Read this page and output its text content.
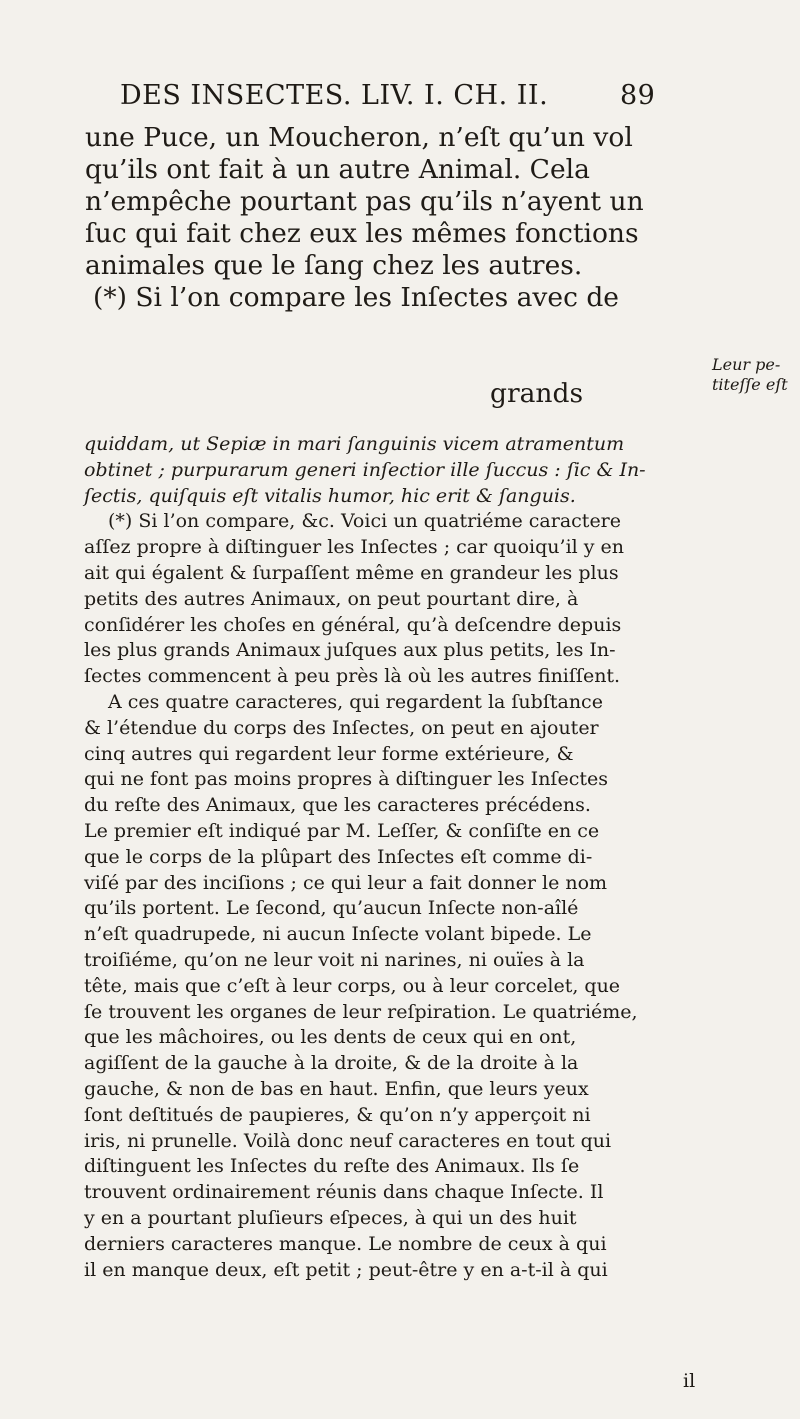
DES INSECTES. LIV. I. CH. II.	89
une Puce, un Moucheron, n’eſt qu’un vol
qu’ils ont fait à un autre Animal. Cela
n’empêche pourtant pas qu’ils n’ayent un
ſuc qui fait chez eux les mêmes fonctions
animales que le ſang chez les autres.
(*) Si l’on compare les Inſectes avec de
grands
Leur pe-
titeſſe eſt
quiddam, ut Sepiæ in mari ſanguinis vicem atramentum
obtinet ; purpurarum generi inſectior ille ſuccus : ſic & In-
ſectis, quiſquis eſt vitalis humor, hic erit & ſanguis.
(*) Si l’on compare, &c. Voici un quatriéme caractere
aſſez propre à diſtinguer les Inſectes ; car quoiqu’il y en
ait qui égalent & ſurpaſſent même en grandeur les plus
petits des autres Animaux, on peut pourtant dire, à
conſidérer les choſes en général, qu’à deſcendre depuis
les plus grands Animaux juſques aux plus petits, les In-
ſectes commencent à peu près là où les autres finiſſent.
A ces quatre caracteres, qui regardent la ſubſtance
& l’étendue du corps des Inſectes, on peut en ajouter
cinq autres qui regardent leur forme extérieure, &
qui ne font pas moins propres à diſtinguer les Inſectes
du reſte des Animaux, que les caracteres précédens.
Le premier eſt indiqué par M. Leſſer, & conſiſte en ce
que le corps de la plûpart des Inſectes eſt comme di-
viſé par des inciſions ; ce qui leur a fait donner le nom
qu’ils portent. Le ſecond, qu’aucun Inſecte non-aîlé
n’eſt quadrupede, ni aucun Inſecte volant bipede. Le
troiſiéme, qu’on ne leur voit ni narines, ni ouïes à la
tête, mais que c’eſt à leur corps, ou à leur corcelet, que
ſe trouvent les organes de leur reſpiration. Le quatriéme,
que les mâchoires, ou les dents de ceux qui en ont,
agiſſent de la gauche à la droite, & de la droite à la
gauche, & non de bas en haut. Enfin, que leurs yeux
ſont deſtitués de paupieres, & qu’on n’y apperçoit ni
iris, ni prunelle. Voilà donc neuf caracteres en tout qui
diſtinguent les Inſectes du reſte des Animaux. Ils ſe
trouvent ordinairement réunis dans chaque Inſecte. Il
y en a pourtant pluſieurs eſpeces, à qui un des huit
derniers caracteres manque. Le nombre de ceux à qui
il en manque deux, eſt petit ; peut-être y en a-t-il à qui
il
